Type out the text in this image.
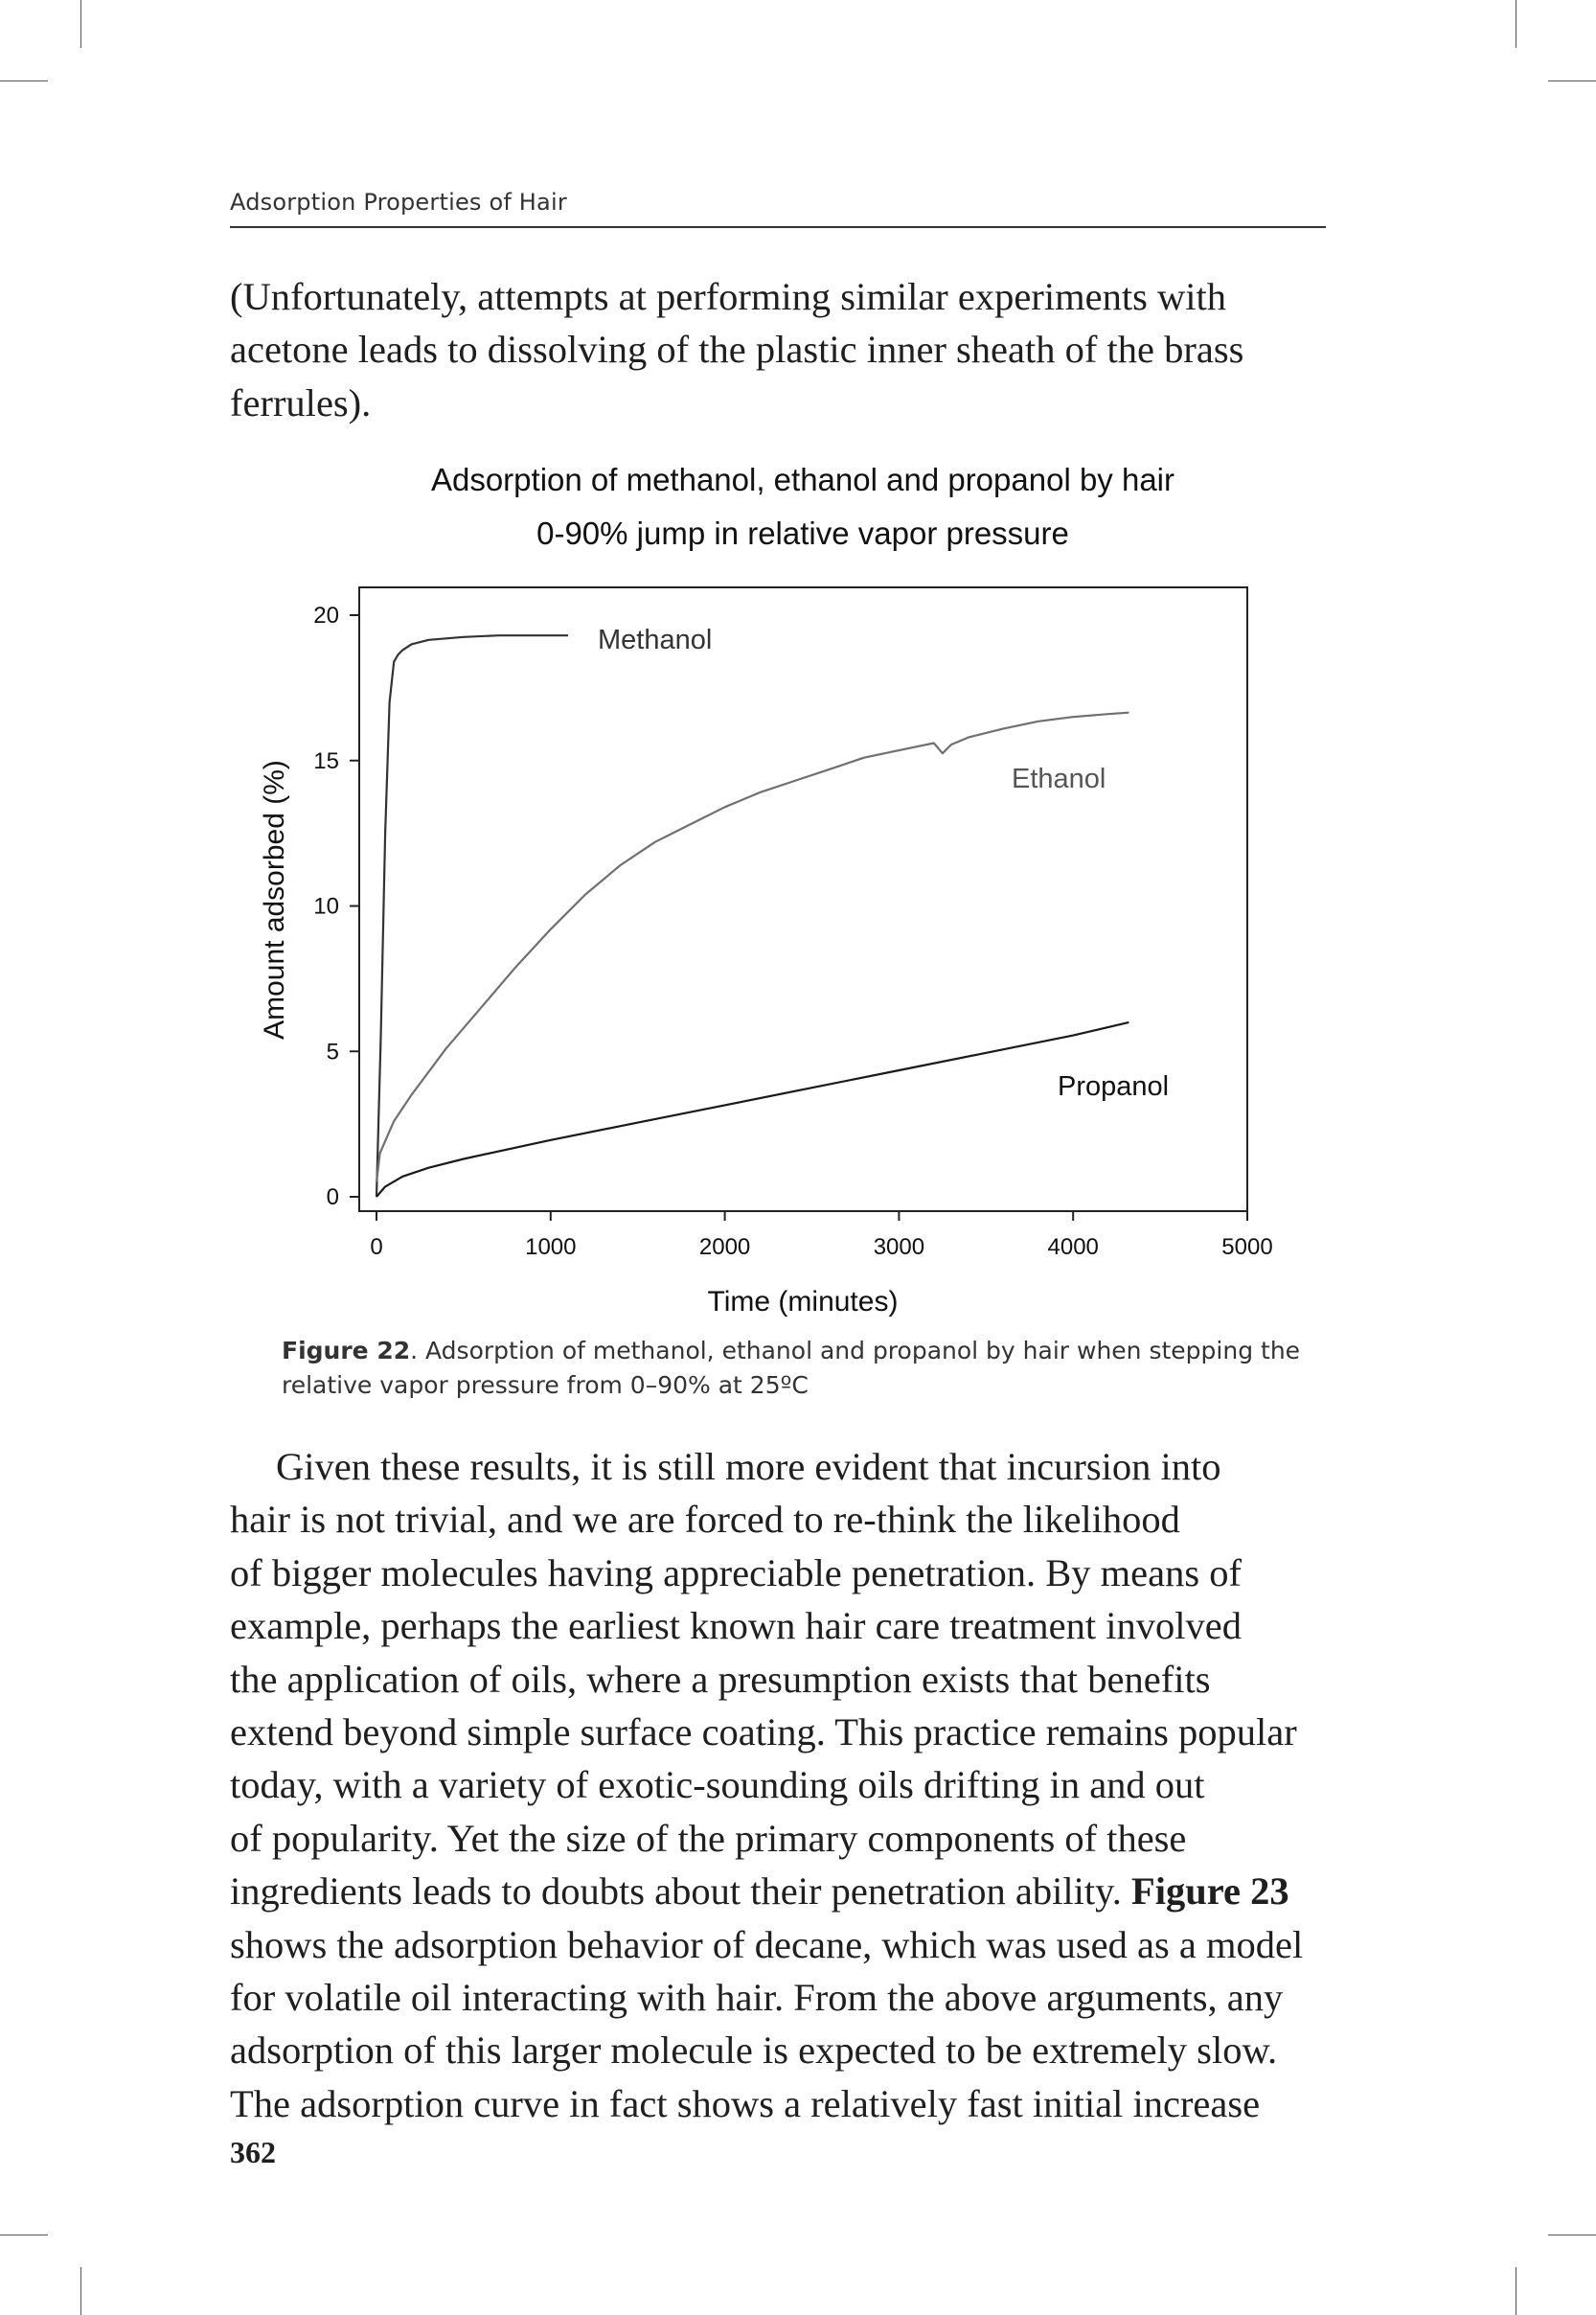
Adsorption Properties of Hair
(Unfortunately, attempts at performing similar experiments with
acetone leads to dissolving of the plastic inner sheath of the brass
ferrules).
Adsorption of methanol, ethanol and propanol by hair
0-90% jump in relative vapor pressure
0	1000	2000	3000	4000	5000
0
5
10
15
20
Methanol
Ethanol
Propanol
Time (minutes)
Amount adsorbed (%)
Figure 22. Adsorption of methanol, ethanol and propanol by hair when stepping the
relative vapor pressure from 0–90% at 25ºC
Given these results, it is still more evident that incursion into
hair is not trivial, and we are forced to re-think the likelihood
of bigger molecules having appreciable penetration. By means of
example, perhaps the earliest known hair care treatment involved
the application of oils, where a presumption exists that benefits
extend beyond simple surface coating. This practice remains popular
today, with a variety of exotic-sounding oils drifting in and out
of popularity. Yet the size of the primary components of these
ingredients leads to doubts about their penetration ability. Figure 23
shows the adsorption behavior of decane, which was used as a model
for volatile oil interacting with hair. From the above arguments, any
adsorption of this larger molecule is expected to be extremely slow.
The adsorption curve in fact shows a relatively fast initial increase
362
